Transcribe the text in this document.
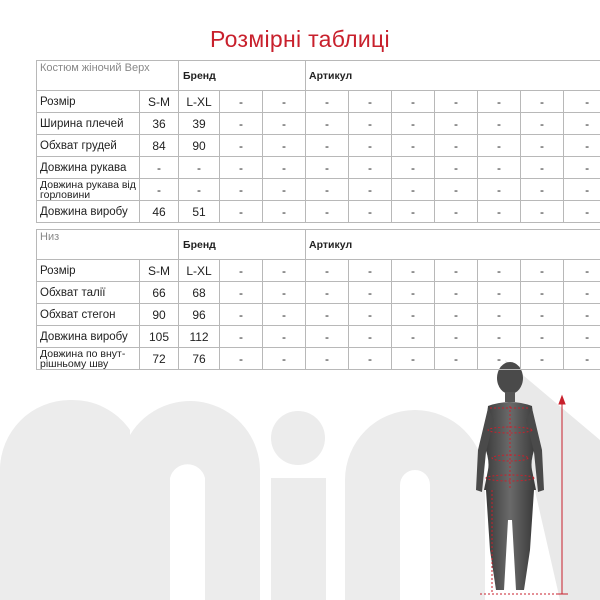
Розмірні таблиці
Костюм жіночий Верх		Бренд			Артикул							
Розмір	S-M	L-XL	-	-	-	-	-	-	-	-	-	
Ширина плечей	36	39	-	-	-	-	-	-	-	-	-	
Обхват грудей	84	90	-	-	-	-	-	-	-	-	-	
Довжина рукава	-	-	-	-	-	-	-	-	-	-	-	
Довжина рукава від горловини	-	-	-	-	-	-	-	-	-	-	-	
Довжина виробу	46	51	-	-	-	-	-	-	-	-	-	
Низ		Бренд			Артикул							
Розмір	S-M	L-XL	-	-	-	-	-	-	-	-	-	
Обхват талії	66	68	-	-	-	-	-	-	-	-	-	
Обхват стегон	90	96	-	-	-	-	-	-	-	-	-	
Довжина виробу	105	112	-	-	-	-	-	-	-	-	-	
Довжина по внут- рішньому шву	72	76	-	-	-	-	-	-	-	-	-	
